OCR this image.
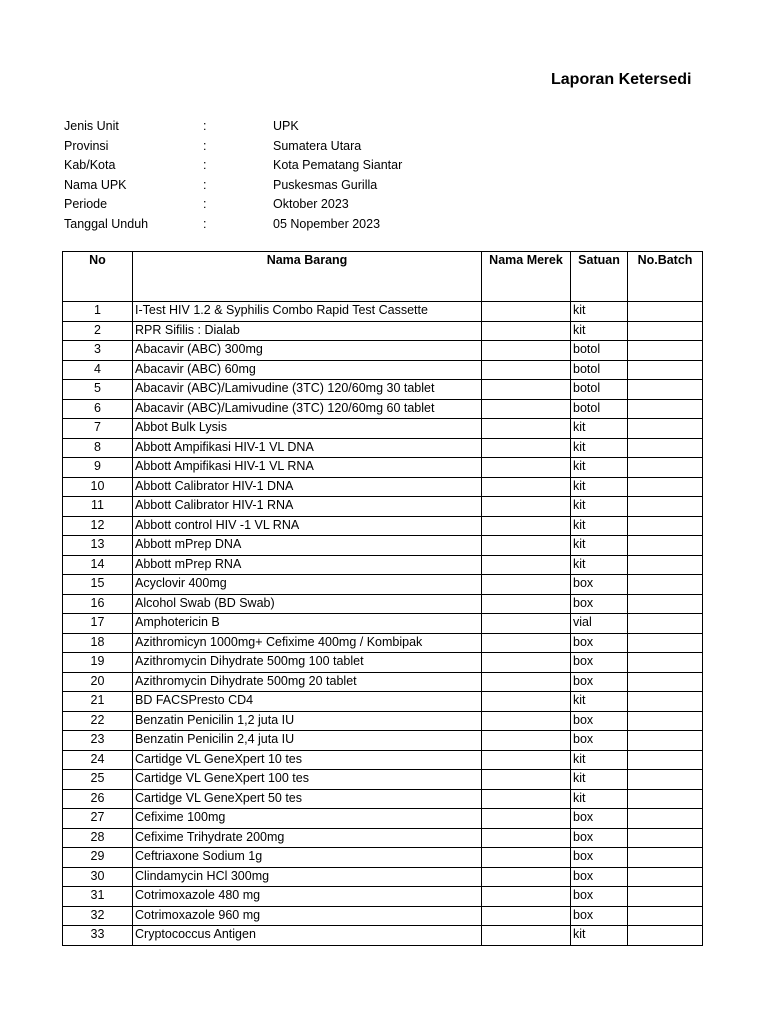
Laporan Ketersedi
Jenis Unit	:	UPK
Provinsi	:	Sumatera Utara
Kab/Kota	:	Kota Pematang Siantar
Nama UPK	:	Puskesmas Gurilla
Periode	:	Oktober 2023
Tanggal Unduh	:	05 Nopember 2023
No	Nama Barang	Nama Merek	Satuan	No.Batch
1	I-Test HIV 1.2 & Syphilis Combo Rapid Test Cassette		kit	
2	RPR Sifilis : Dialab		kit	
3	Abacavir (ABC) 300mg		botol	
4	Abacavir (ABC) 60mg		botol	
5	Abacavir (ABC)/Lamivudine (3TC) 120/60mg 30 tablet		botol	
6	Abacavir (ABC)/Lamivudine (3TC) 120/60mg 60 tablet		botol	
7	Abbot Bulk Lysis		kit	
8	Abbott Ampifikasi HIV-1 VL DNA		kit	
9	Abbott Ampifikasi HIV-1 VL RNA		kit	
10	Abbott Calibrator HIV-1 DNA		kit	
11	Abbott Calibrator HIV-1 RNA		kit	
12	Abbott control HIV -1 VL RNA		kit	
13	Abbott mPrep DNA		kit	
14	Abbott mPrep RNA		kit	
15	Acyclovir 400mg		box	
16	Alcohol Swab (BD Swab)		box	
17	Amphotericin B		vial	
18	Azithromicyn 1000mg+ Cefixime 400mg / Kombipak		box	
19	Azithromycin Dihydrate 500mg 100 tablet		box	
20	Azithromycin Dihydrate 500mg 20 tablet		box	
21	BD FACSPresto CD4		kit	
22	Benzatin Penicilin 1,2 juta IU		box	
23	Benzatin Penicilin 2,4 juta IU		box	
24	Cartidge VL GeneXpert 10 tes		kit	
25	Cartidge VL GeneXpert 100 tes		kit	
26	Cartidge VL GeneXpert 50 tes		kit	
27	Cefixime 100mg		box	
28	Cefixime Trihydrate 200mg		box	
29	Ceftriaxone Sodium 1g		box	
30	Clindamycin HCl 300mg		box	
31	Cotrimoxazole 480 mg		box	
32	Cotrimoxazole 960 mg		box	
33	Cryptococcus Antigen		kit	
